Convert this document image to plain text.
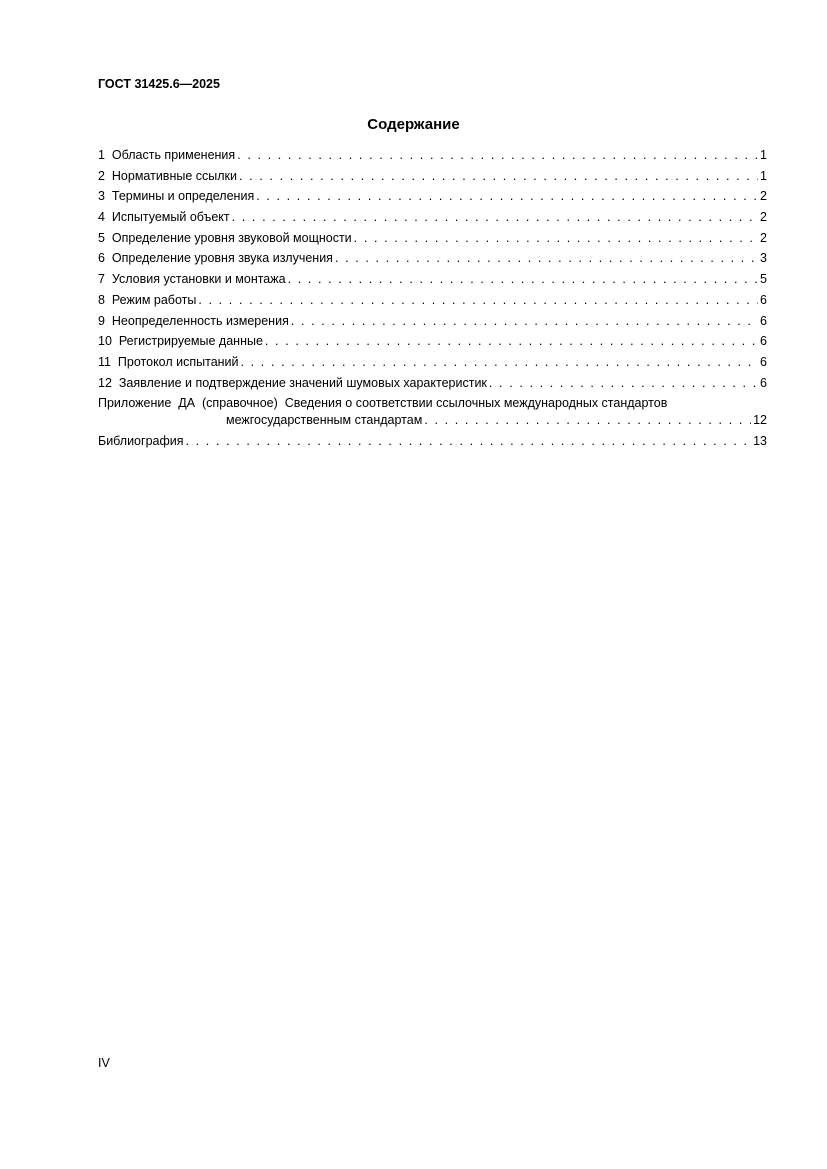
ГОСТ 31425.6—2025
Содержание
1  Область применения . . .	1
2  Нормативные ссылки . . .	1
3  Термины и определения . . .	2
4  Испытуемый объект . . .	2
5  Определение уровня звуковой мощности . . .	2
6  Определение уровня звука излучения . . .	3
7  Условия установки и монтажа . . .	5
8  Режим работы . . .	6
9  Неопределенность измерения . . .	6
10  Регистрируемые данные . . .	6
11  Протокол испытаний . . .	6
12  Заявление и подтверждение значений шумовых характеристик . . .	6
Приложение  ДА  (справочное)  Сведения о соответствии ссылочных международных стандартов
межгосударственным стандартам . . .	12
Библиография . . .	13
IV
